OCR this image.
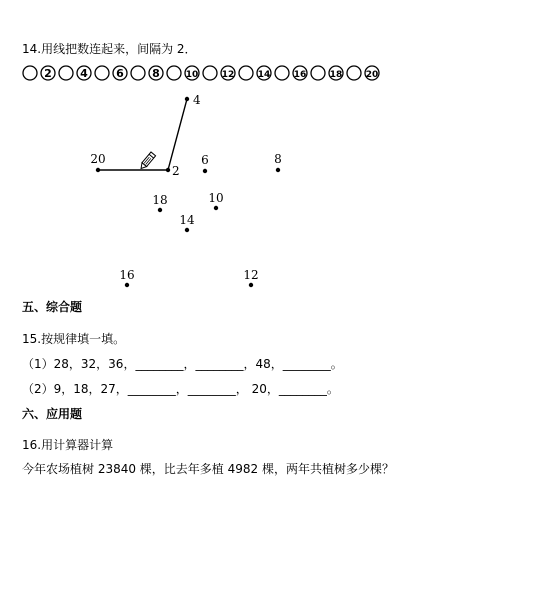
14.用线把数连起来，间隔为 2．
2	4	6	8	10	12	14	16	18	20
4
20
2
6	8
18	10
14
16	12
五、综合题
15.按规律填一填。
（1）28，32，36，________，________，48，________。
（2）9，18，27，________，________， 20，________。
六、应用题
16.用计算器计算
今年农场植树 23840 棵，比去年多植 4982 棵，两年共植树多少棵？
